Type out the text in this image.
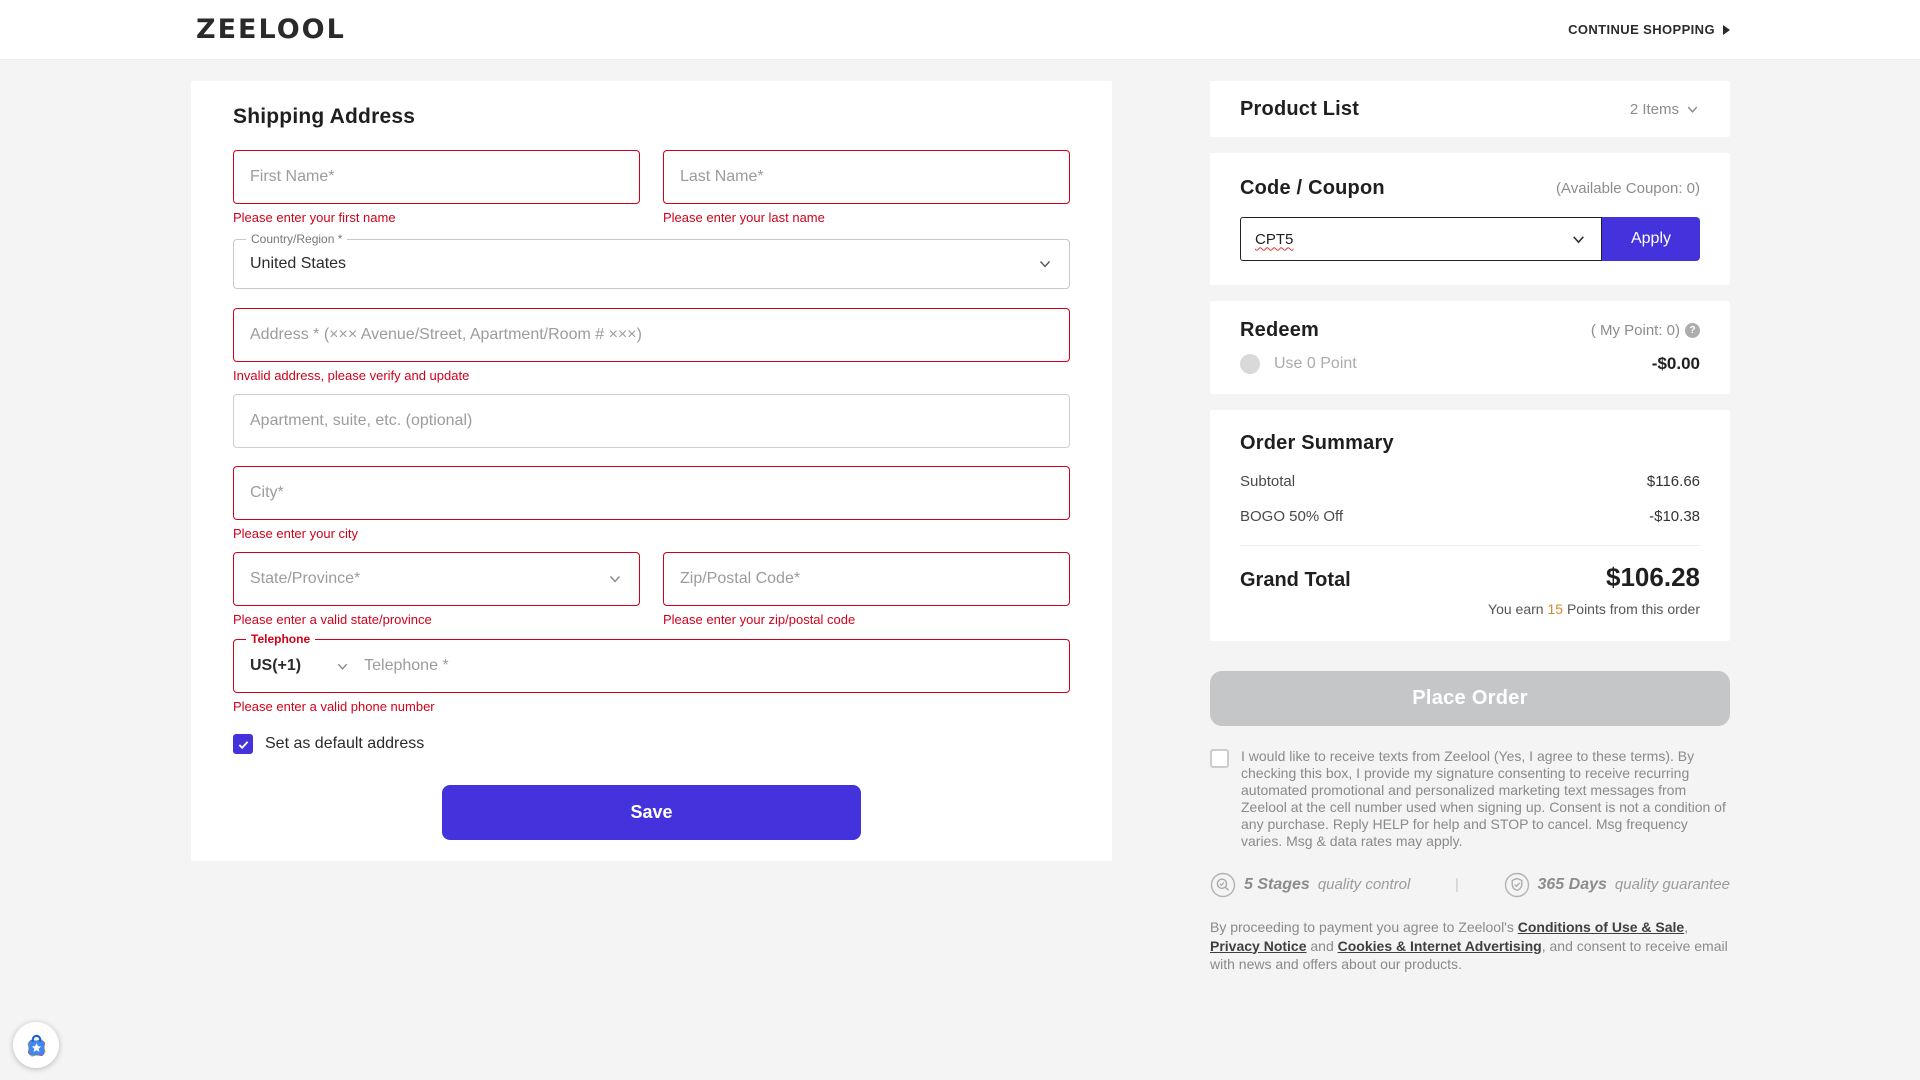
ZEELOOL	CONTINUE SHOPPING
Shipping Address
First Name*
Please enter your first name
Last Name*	Please enter your last name
Country/Region *
United States
Address * (××× Avenue/Street, Apartment/Room # ×××)
Invalid address, please verify and update
Apartment, suite, etc. (optional)
City*
Please enter your city
State/Province*
Please enter a valid state/province
Zip/Postal Code*	Please enter your zip/postal code
Telephone
US(+1)	Telephone *
Please enter a valid phone number
Set as default address
Save
Product List	2 Items
Code / Coupon	(Available Coupon: 0)
CPT5	Apply
Redeem	( My Point: 0) ?
Use 0 Point	-$0.00
Order Summary
Subtotal	$116.66
BOGO 50% Off	-$10.38
Grand Total	$106.28
You earn 15 Points from this order
Place Order
I would like to receive texts from Zeelool (Yes, I agree to these terms). By checking this box, I provide my signature consenting to receive recurring automated promotional and personalized marketing text messages from Zeelool at the cell number used when signing up. Consent is not a condition of any purchase. Reply HELP for help and STOP to cancel. Msg frequency varies. Msg & data rates may apply.
5 Stages quality control	|	365 Days quality guarantee
By proceeding to payment you agree to Zeelool's Conditions of Use & Sale, Privacy Notice and Cookies & Internet Advertising, and consent to receive email with news and offers about our products.
